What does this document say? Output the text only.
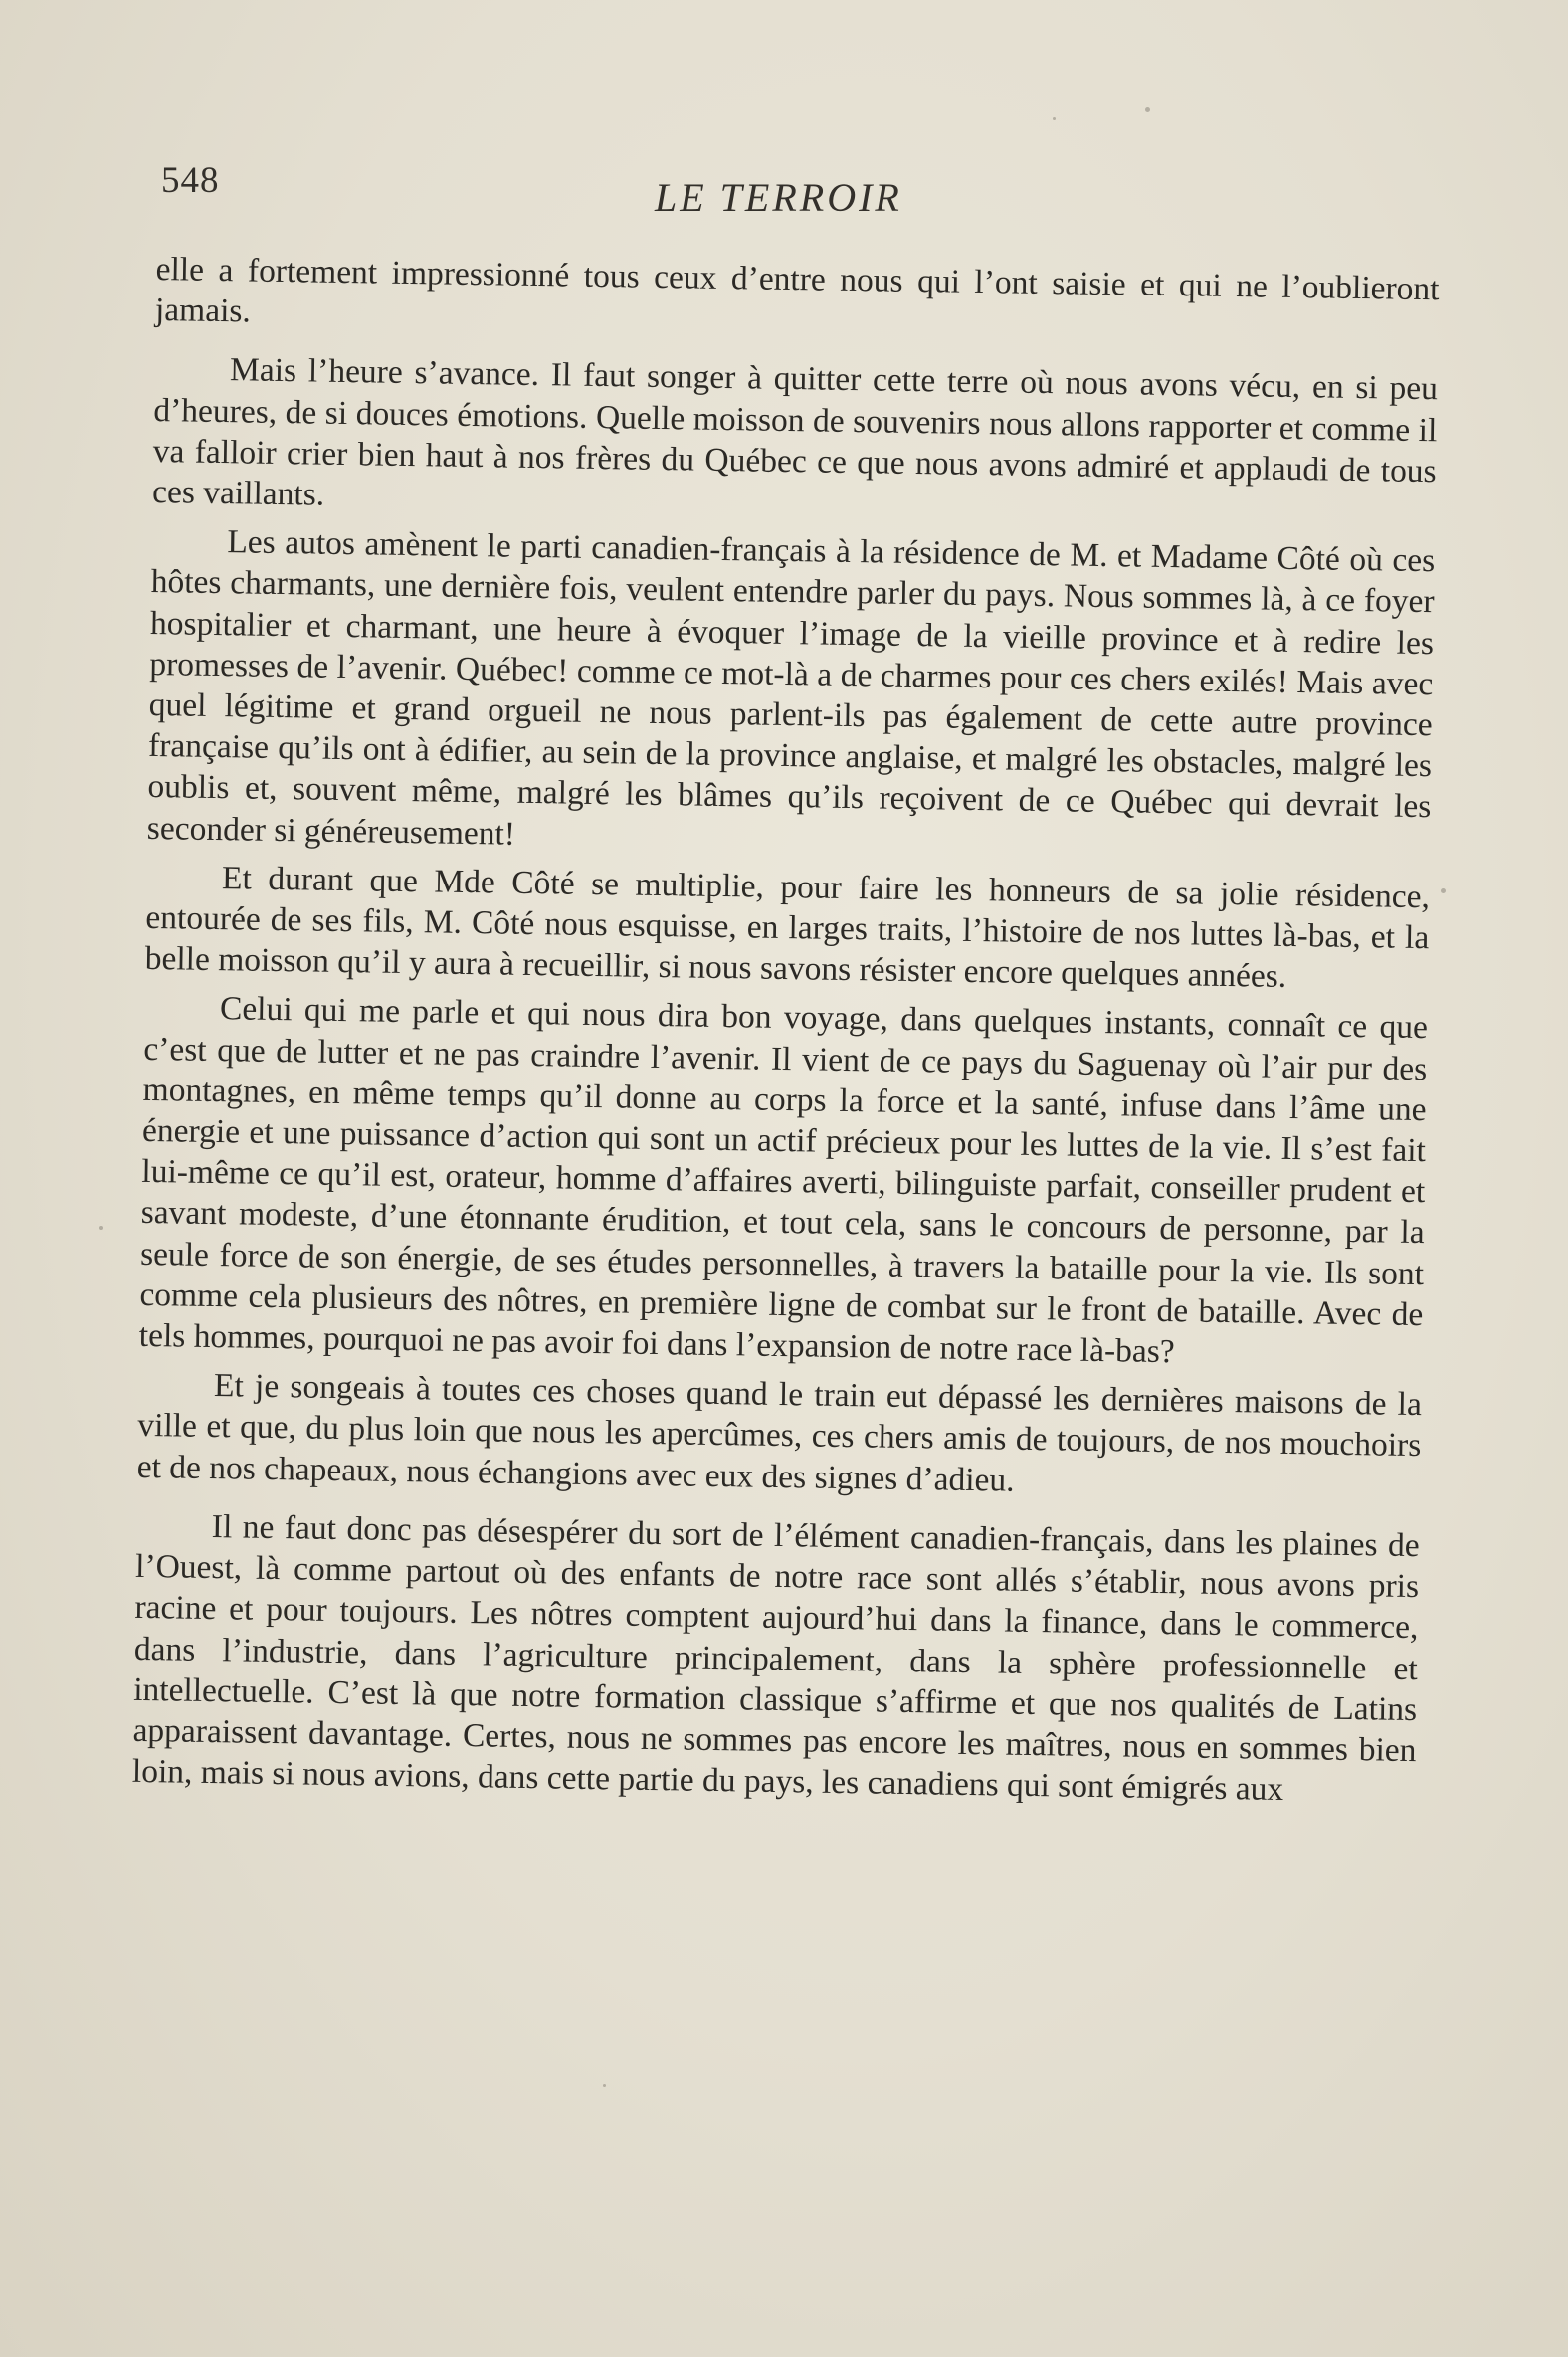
548	LE TERROIR

elle a fortement impressionné tous ceux d’entre nous qui l’ont saisie et qui ne l’oublieront jamais.

Mais l’heure s’avance. Il faut songer à quitter cette terre où nous avons vécu, en si peu d’heures, de si douces émotions. Quelle moisson de souvenirs nous allons rapporter et comme il va falloir crier bien haut à nos frères du Québec ce que nous avons admiré et applaudi de tous ces vaillants.

Les autos amènent le parti canadien-français à la résidence de M. et Madame Côté où ces hôtes charmants, une dernière fois, veulent entendre parler du pays. Nous sommes là, à ce foyer hospitalier et charmant, une heure à évoquer l’image de la vieille province et à redire les promesses de l’avenir. Québec! comme ce mot-là a de charmes pour ces chers exilés! Mais avec quel légitime et grand orgueil ne nous parlent-ils pas également de cette autre province française qu’ils ont à édifier, au sein de la province anglaise, et malgré les obstacles, malgré les oublis et, souvent même, malgré les blâmes qu’ils reçoivent de ce Québec qui devrait les seconder si généreusement!

Et durant que Mde Côté se multiplie, pour faire les honneurs de sa jolie résidence, entourée de ses fils, M. Côté nous esquisse, en larges traits, l’histoire de nos luttes là-bas, et la belle moisson qu’il y aura à recueillir, si nous savons résister encore quelques années.

Celui qui me parle et qui nous dira bon voyage, dans quelques instants, connaît ce que c’est que de lutter et ne pas craindre l’avenir. Il vient de ce pays du Saguenay où l’air pur des montagnes, en même temps qu’il donne au corps la force et la santé, infuse dans l’âme une énergie et une puissance d’action qui sont un actif précieux pour les luttes de la vie. Il s’est fait lui-même ce qu’il est, orateur, homme d’affaires averti, bilinguiste parfait, conseiller prudent et savant modeste, d’une étonnante érudition, et tout cela, sans le concours de personne, par la seule force de son énergie, de ses études personnelles, à travers la bataille pour la vie. Ils sont comme cela plusieurs des nôtres, en première ligne de combat sur le front de bataille. Avec de tels hommes, pourquoi ne pas avoir foi dans l’expansion de notre race là-bas?

Et je songeais à toutes ces choses quand le train eut dépassé les dernières maisons de la ville et que, du plus loin que nous les apercûmes, ces chers amis de toujours, de nos mouchoirs et de nos chapeaux, nous échangions avec eux des signes d’adieu.

Il ne faut donc pas désespérer du sort de l’élément canadien-français, dans les plaines de l’Ouest, là comme partout où des enfants de notre race sont allés s’établir, nous avons pris racine et pour toujours. Les nôtres comptent aujourd’hui dans la finance, dans le commerce, dans l’industrie, dans l’agriculture principalement, dans la sphère professionnelle et intellectuelle. C’est là que notre formation classique s’affirme et que nos qualités de Latins apparaissent davantage. Certes, nous ne sommes pas encore les maîtres, nous en sommes bien loin, mais si nous avions, dans cette partie du pays, les canadiens qui sont émigrés aux
